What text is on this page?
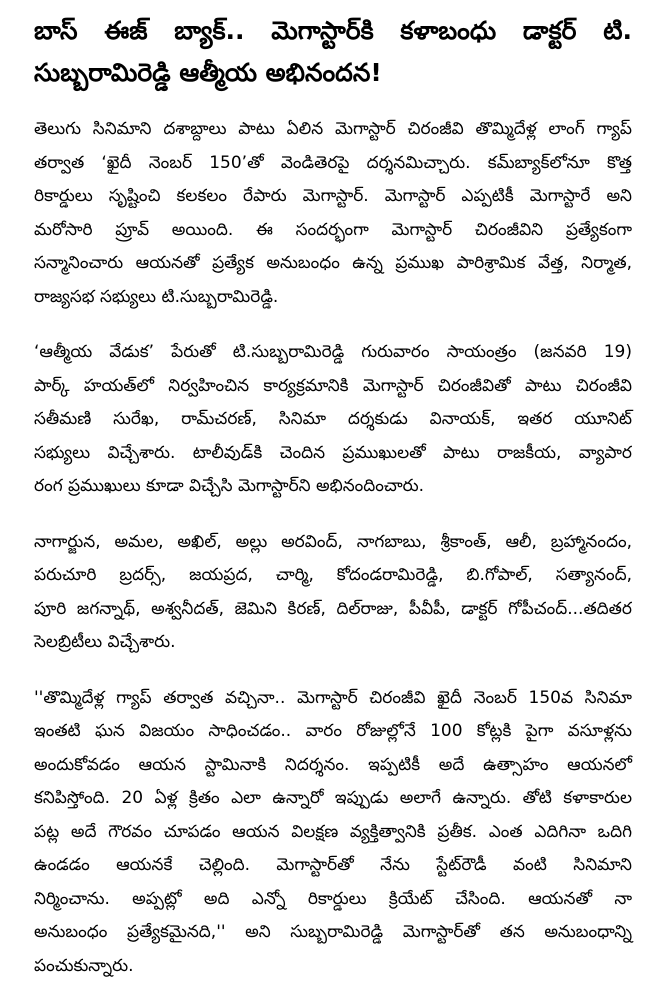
బాస్ ఈజ్ బ్యాక్.. మెగాస్టార్‌కి కళాబంధు డాక్టర్ టి.
సుబ్బరామిరెడ్డి ఆత్మీయ అభినందన!
తెలుగు సినిమాని దశాబ్దాలు పాటు ఏలిన మెగాస్టార్ చిరంజీవి తొమ్మిదేళ్ల లాంగ్ గ్యాప్
తర్వాత ‘ఖైదీ నెంబర్ 150’తో వెండితెరపై దర్శనమిచ్చారు. కమ్‌బ్యాక్‌లోనూ కొత్త
రికార్డులు సృష్టించి కలకలం రేపారు మెగాస్టార్. మెగాస్టార్ ఎప్పటికీ మెగాస్టారే అని
మరోసారి ప్రూవ్ అయింది. ఈ సందర్భంగా మెగాస్టార్ చిరంజీవిని ప్రత్యేకంగా
సన్మానించారు ఆయనతో ప్రత్యేక అనుబంధం ఉన్న ప్రముఖ పారిశ్రామిక వేత్త, నిర్మాత,
రాజ్యసభ సభ్యులు టి.సుబ్బరామిరెడ్డి.
‘ఆత్మీయ వేడుక’ పేరుతో టి.సుబ్బరామిరెడ్డి గురువారం సాయంత్రం (జనవరి 19)
పార్క్ హయత్‌లో నిర్వహించిన కార్యక్రమానికి మెగాస్టార్ చిరంజీవితో పాటు చిరంజీవి
సతీమణి సురేఖ, రామ్‌చరణ్, సినిమా దర్శకుడు వినాయక్, ఇతర యూనిట్
సభ్యులు విచ్చేశారు. టాలీవుడ్‌కి చెందిన ప్రముఖులతో పాటు రాజకీయ, వ్యాపార
రంగ ప్రముఖులు కూడా విచ్చేసి మెగాస్టార్‌ని అభినందించారు.
నాగార్జున, అమల, అఖిల్, అల్లు అరవింద్, నాగబాబు, శ్రీకాంత్, ఆలీ, బ్రహ్మానందం,
పరుచూరి బ్రదర్స్, జయప్రద, చార్మి, కోదండరామిరెడ్డి, బి.గోపాల్, సత్యానంద్,
పూరి జగన్నాథ్, అశ్వనీదత్, జెమిని కిరణ్, దిల్‌రాజు, పీవీపీ, డాక్టర్ గోపీచంద్...తదితర
సెలబ్రిటీలు విచ్చేశారు.
''తొమ్మిదేళ్ల గ్యాప్ తర్వాత వచ్చినా.. మెగాస్టార్ చిరంజీవి ఖైదీ నెంబర్ 150వ సినిమా
ఇంతటి ఘన విజయం సాధించడం.. వారం రోజుల్లోనే 100 కోట్లకి పైగా వసూళ్లను
అందుకోవడం ఆయన స్టామినాకి నిదర్శనం. ఇప్పటికీ అదే ఉత్సాహం ఆయనలో
కనిపిస్తోంది. 20 ఏళ్ల క్రితం ఎలా ఉన్నారో ఇప్పుడు అలాగే ఉన్నారు. తోటి కళాకారుల
పట్ల అదే గౌరవం చూపడం ఆయన విలక్షణ వ్యక్తిత్వానికి ప్రతీక. ఎంత ఎదిగినా ఒదిగి
ఉండడం ఆయనకే చెల్లింది. మెగాస్టార్‌తో నేను స్టేట్‌రౌడీ వంటి సినిమాని
నిర్మించాను. అప్పట్లో అది ఎన్నో రికార్డులు క్రియేట్ చేసింది. ఆయనతో నా
అనుబంధం ప్రత్యేకమైనది,'' అని సుబ్బరామిరెడ్డి మెగాస్టార్‌తో తన అనుబంధాన్ని
పంచుకున్నారు.
